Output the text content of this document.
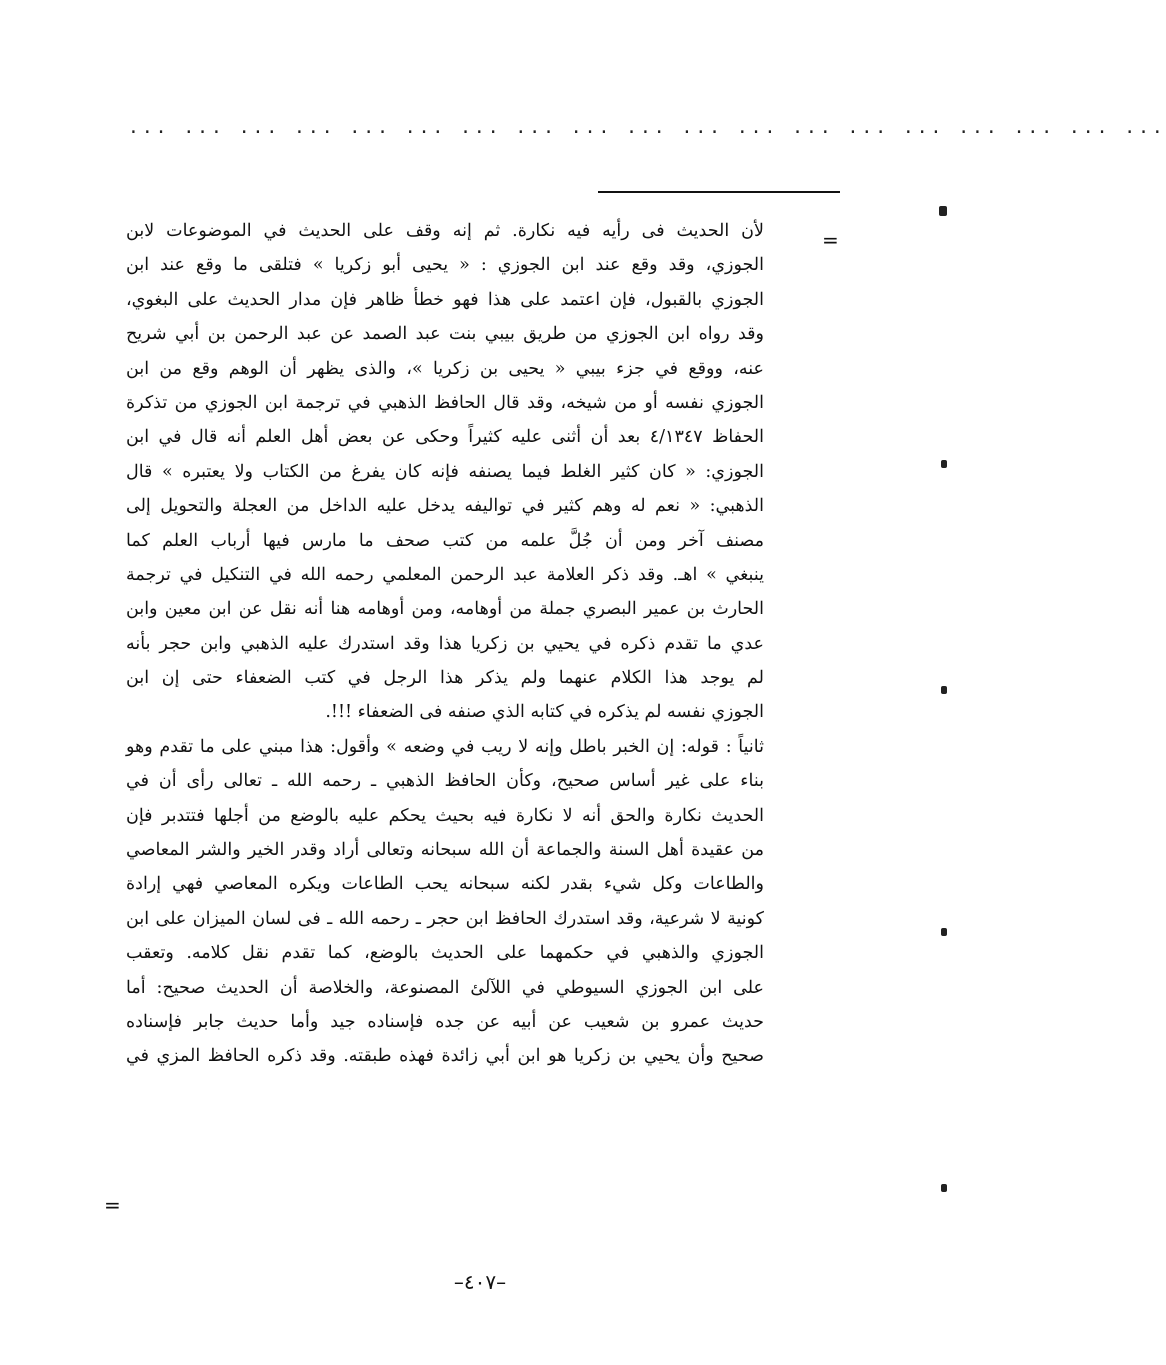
... ... ... ... ... ... ... ... ... ... ... ... ... ... ... ... ... ... ...
=
لأن الحديث فى رأيه فيه نكارة. ثم إنه وقف على الحديث في الموضوعات لابن
الجوزي، وقد وقع عند ابن الجوزي : « يحيى أبو زكريا » فتلقى ما وقع عند ابن
الجوزي بالقبول، فإن اعتمد على هذا فهو خطأ ظاهر فإن مدار الحديث على البغوي،
وقد رواه ابن الجوزي من طريق بيبي بنت عبد الصمد عن عبد الرحمن بن أبي شريح
عنه، ووقع في جزء بيبي « يحيى بن زكريا »، والذى يظهر أن الوهم وقع من ابن
الجوزي نفسه أو من شيخه، وقد قال الحافظ الذهبي في ترجمة ابن الجوزي من تذكرة
الحفاظ ٤/١٣٤٧ بعد أن أثنى عليه كثيراً وحكى عن بعض أهل العلم أنه قال في ابن
الجوزي: « كان كثير الغلط فيما يصنفه فإنه كان يفرغ من الكتاب ولا يعتبره » قال
الذهبي: « نعم له وهم كثير في تواليفه يدخل عليه الداخل من العجلة والتحويل إلى
مصنف آخر ومن أن جُلَّ علمه من كتب صحف ما مارس فيها أرباب العلم كما
ينبغي » اهـ. وقد ذكر العلامة عبد الرحمن المعلمي رحمه الله في التنكيل في ترجمة
الحارث بن عمير البصري جملة من أوهامه، ومن أوهامه هنا أنه نقل عن ابن معين وابن
عدي ما تقدم ذكره في يحيي بن زكريا هذا وقد استدرك عليه الذهبي وابن حجر بأنه
لم يوجد هذا الكلام عنهما ولم يذكر هذا الرجل في كتب الضعفاء حتى إن ابن
الجوزي نفسه لم يذكره في كتابه الذي صنفه فى الضعفاء !!!.
ثانياً : قوله: إن الخبر باطل وإنه لا ريب في وضعه » وأقول: هذا مبني على ما تقدم وهو
بناء على غير أساس صحيح، وكأن الحافظ الذهبي ـ رحمه الله ـ تعالى رأى أن في
الحديث نكارة والحق أنه لا نكارة فيه بحيث يحكم عليه بالوضع من أجلها فتتدبر فإن
من عقيدة أهل السنة والجماعة أن الله سبحانه وتعالى أراد وقدر الخير والشر المعاصي
والطاعات وكل شيء بقدر لكنه سبحانه يحب الطاعات ويكره المعاصي فهي إرادة
كونية لا شرعية، وقد استدرك الحافظ ابن حجر ـ رحمه الله ـ فى لسان الميزان على ابن
الجوزي والذهبي في حكمهما على الحديث بالوضع، كما تقدم نقل كلامه. وتعقب
على ابن الجوزي السيوطي في اللآلئ المصنوعة، والخلاصة أن الحديث صحيح: أما
حديث عمرو بن شعيب عن أبيه عن جده فإسناده جيد وأما حديث جابر فإسناده
صحيح وأن يحيي بن زكريا هو ابن أبي زائدة فهذه طبقته. وقد ذكره الحافظ المزي في
=
–٤٠٧–
